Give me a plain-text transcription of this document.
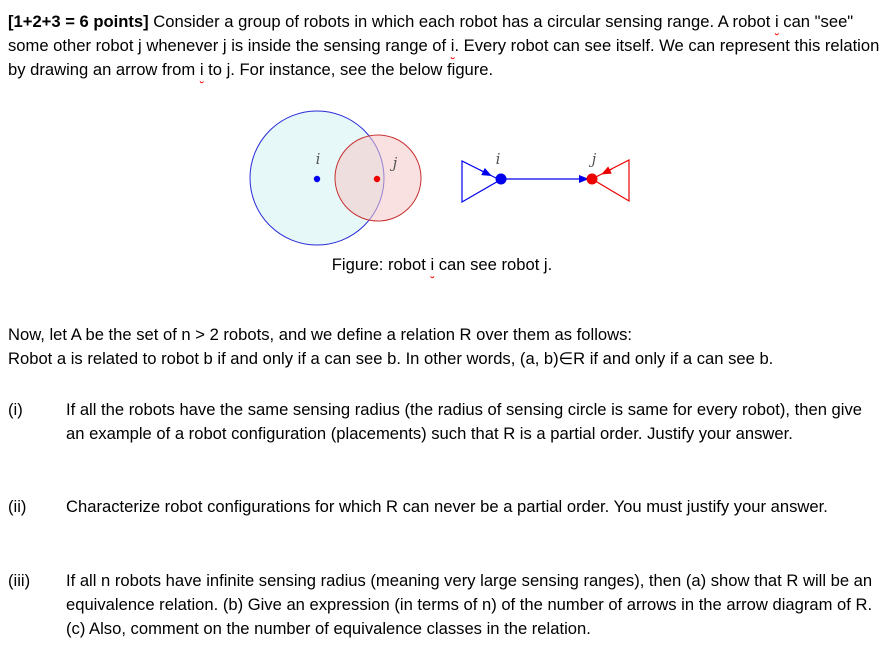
[1+2+3 = 6 points] Consider a group of robots in which each robot has a circular sensing range. A robot i can "see" some other robot j whenever j is inside the sensing range of i. Every robot can see itself. We can represent this relation by drawing an arrow from i to j. For instance, see the below figure.
i	j	i	j
Figure: robot i can see robot j.
Now, let A be the set of n > 2 robots, and we define a relation R over them as follows:
Robot a is related to robot b if and only if a can see b. In other words, (a, b)∈R if and only if a can see b.
(i)	If all the robots have the same sensing radius (the radius of sensing circle is same for every robot), then give an example of a robot configuration (placements) such that R is a partial order. Justify your answer.
(ii)	Characterize robot configurations for which R can never be a partial order. You must justify your answer.
(iii)	If all n robots have infinite sensing radius (meaning very large sensing ranges), then (a) show that R will be an equivalence relation. (b) Give an expression (in terms of n) of the number of arrows in the arrow diagram of R. (c) Also, comment on the number of equivalence classes in the relation.
